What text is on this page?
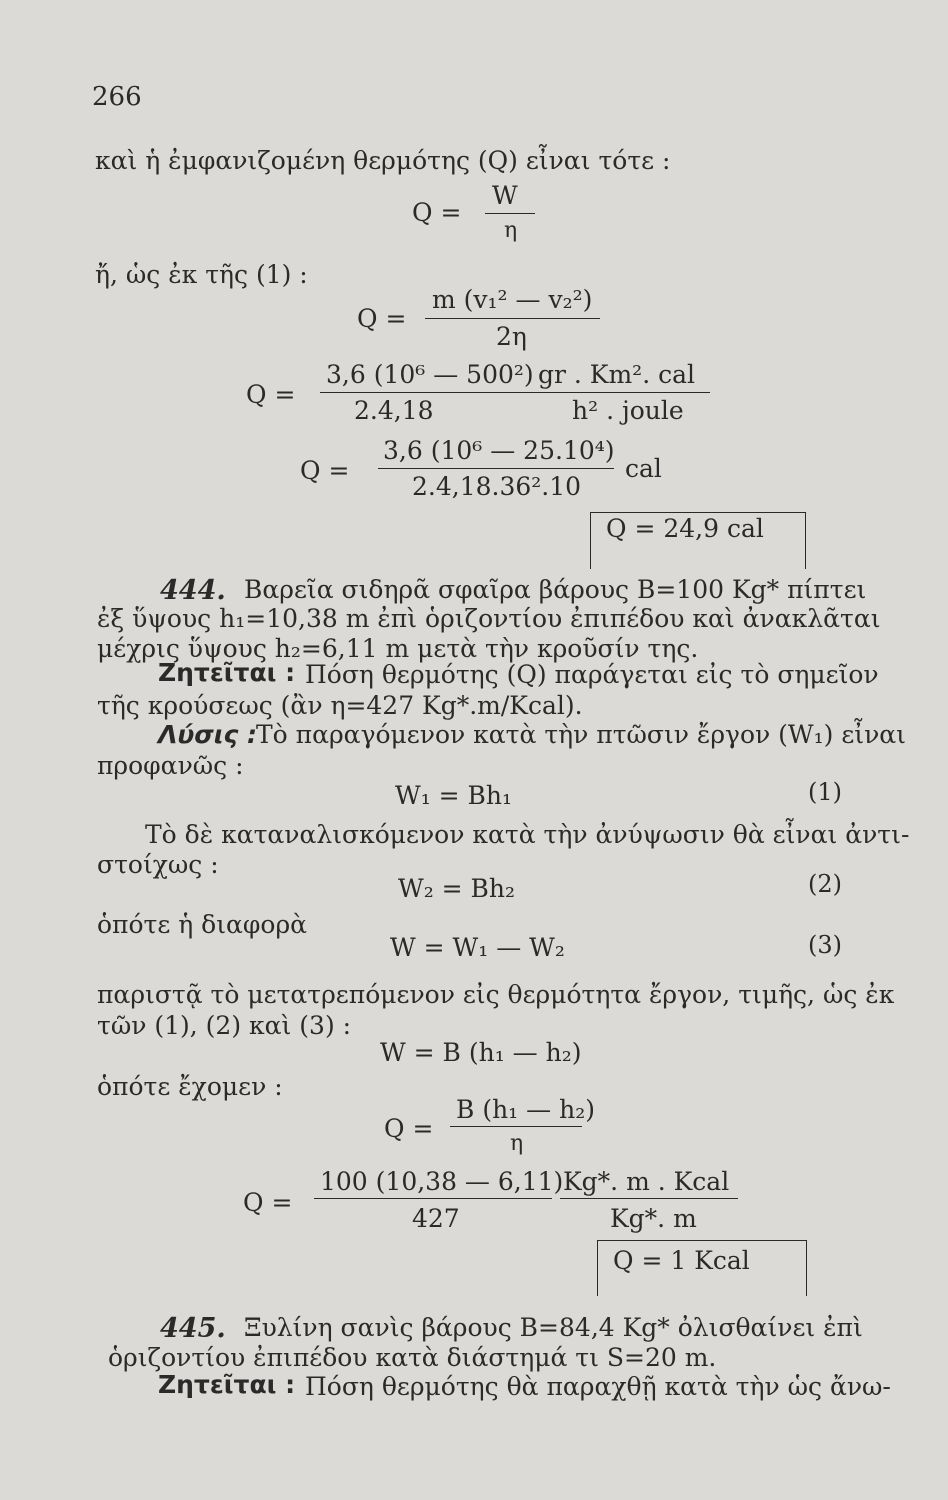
266
καὶ ἡ ἐμφανιζομένη θερμότης (Q) εἶναι τότε :
Q =
W
η
ἤ, ὡς ἐκ τῆς (1) :
Q =
m (v₁² — v₂²)
2η
Q =
3,6 (10⁶ — 500²)
2.4,18
gr . Km². cal
h² . joule
Q =
3,6 (10⁶ — 25.10⁴)
2.4,18.36².10
cal
Q = 24,9 cal
444. Βαρεῖα σιδηρᾶ σφαῖρα βάρους B=100 Kg* πίπτει
ἐξ ὕψους h₁=10,38 m ἐπὶ ὁριζοντίου ἐπιπέδου καὶ ἀνακλᾶται
μέχρις ὕψους h₂=6,11 m μετὰ τὴν κροῦσίν της.
Ζητεῖται : Πόση θερμότης (Q) παράγεται εἰς τὸ σημεῖον
τῆς κρούσεως (ἂν η=427 Kg*.m/Kcal).
Λύσις : Τὸ παραγόμενον κατὰ τὴν πτῶσιν ἔργον (W₁) εἶναι
προφανῶς :
W₁ = Bh₁	(1)
Τὸ δὲ καταναλισκόμενον κατὰ τὴν ἀνύψωσιν θὰ εἶναι ἀντι-
στοίχως :
W₂ = Bh₂	(2)
ὁπότε ἡ διαφορὰ
W = W₁ — W₂	(3)
παριστᾷ τὸ μετατρεπόμενον εἰς θερμότητα ἔργον, τιμῆς, ὡς ἐκ
τῶν (1), (2) καὶ (3) :
W = B (h₁ — h₂)
ὁπότε ἔχομεν :
Q =
B (h₁ — h₂)
η
Q =
100 (10,38 — 6,11)
427
Kg*. m . Kcal
Kg*. m
Q = 1 Kcal
445. Ξυλίνη σανὶς βάρους B=84,4 Kg* ὀλισθαίνει ἐπὶ
ὁριζοντίου ἐπιπέδου κατὰ διάστημά τι S=20 m.
Ζητεῖται : Πόση θερμότης θὰ παραχθῇ κατὰ τὴν ὡς ἄνω-
